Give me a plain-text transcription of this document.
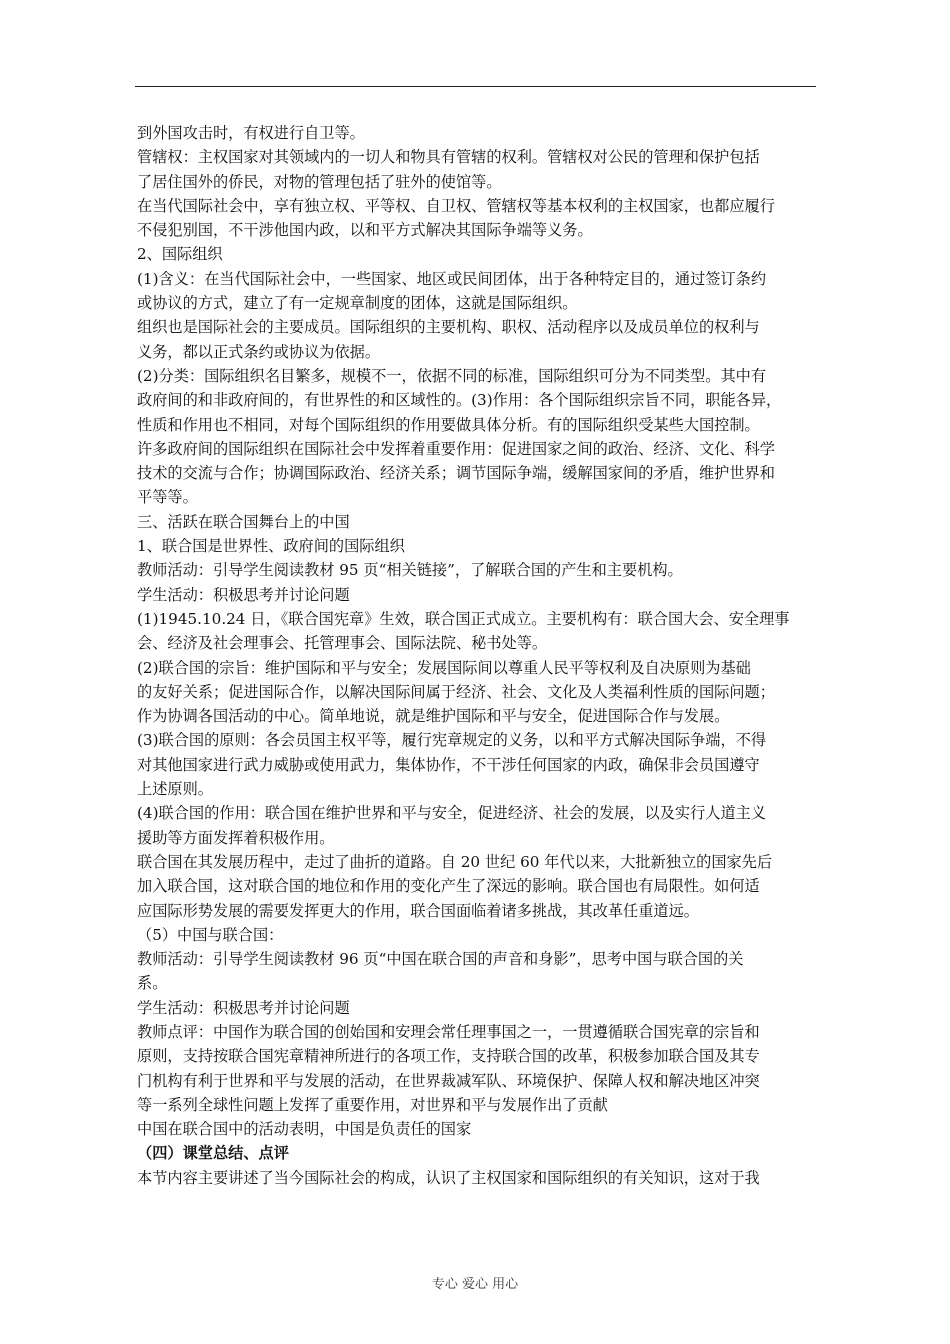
到外国攻击时，有权进行自卫等。
管辖权：主权国家对其领域内的一切人和物具有管辖的权利。管辖权对公民的管理和保护包括
了居住国外的侨民，对物的管理包括了驻外的使馆等。
在当代国际社会中，享有独立权、平等权、自卫权、管辖权等基本权利的主权国家，也都应履行
不侵犯别国，不干涉他国内政，以和平方式解决其国际争端等义务。
2、国际组织
(1)含义：在当代国际社会中，一些国家、地区或民间团体，出于各种特定目的，通过签订条约
或协议的方式，建立了有一定规章制度的团体，这就是国际组织。
组织也是国际社会的主要成员。国际组织的主要机构、职权、活动程序以及成员单位的权利与
义务，都以正式条约或协议为依据。
(2)分类：国际组织名目繁多，规模不一，依据不同的标准，国际组织可分为不同类型。其中有
政府间的和非政府间的，有世界性的和区域性的。(3)作用：各个国际组织宗旨不同，职能各异，
性质和作用也不相同，对每个国际组织的作用要做具体分析。有的国际组织受某些大国控制。
许多政府间的国际组织在国际社会中发挥着重要作用：促进国家之间的政治、经济、文化、科学
技术的交流与合作；协调国际政治、经济关系；调节国际争端，缓解国家间的矛盾，维护世界和
平等等。
三、活跃在联合国舞台上的中国
1、联合国是世界性、政府间的国际组织
教师活动：引导学生阅读教材 95 页“相关链接”，了解联合国的产生和主要机构。
学生活动：积极思考并讨论问题
(1)1945.10.24 日，《联合国宪章》生效，联合国正式成立。主要机构有：联合国大会、安全理事
会、经济及社会理事会、托管理事会、国际法院、秘书处等。
(2)联合国的宗旨：维护国际和平与安全；发展国际间以尊重人民平等权利及自决原则为基础
的友好关系；促进国际合作，以解决国际间属于经济、社会、文化及人类福利性质的国际问题；
作为协调各国活动的中心。简单地说，就是维护国际和平与安全，促进国际合作与发展。
(3)联合国的原则：各会员国主权平等，履行宪章规定的义务，以和平方式解决国际争端，不得
对其他国家进行武力威胁或使用武力，集体协作，不干涉任何国家的内政，确保非会员国遵守
上述原则。
(4)联合国的作用：联合国在维护世界和平与安全，促进经济、社会的发展，以及实行人道主义
援助等方面发挥着积极作用。
联合国在其发展历程中，走过了曲折的道路。自 20 世纪 60 年代以来，大批新独立的国家先后
加入联合国，这对联合国的地位和作用的变化产生了深远的影响。联合国也有局限性。如何适
应国际形势发展的需要发挥更大的作用，联合国面临着诸多挑战，其改革任重道远。
（5）中国与联合国：
教师活动：引导学生阅读教材 96 页“中国在联合国的声音和身影”，思考中国与联合国的关
系。
学生活动：积极思考并讨论问题
教师点评：中国作为联合国的创始国和安理会常任理事国之一，一贯遵循联合国宪章的宗旨和
原则，支持按联合国宪章精神所进行的各项工作，支持联合国的改革，积极参加联合国及其专
门机构有利于世界和平与发展的活动，在世界裁减军队、环境保护、保障人权和解决地区冲突
等一系列全球性问题上发挥了重要作用，对世界和平与发展作出了贡献
中国在联合国中的活动表明，中国是负责任的国家
（四）课堂总结、点评
本节内容主要讲述了当今国际社会的构成，认识了主权国家和国际组织的有关知识，这对于我
专心 爱心 用心
